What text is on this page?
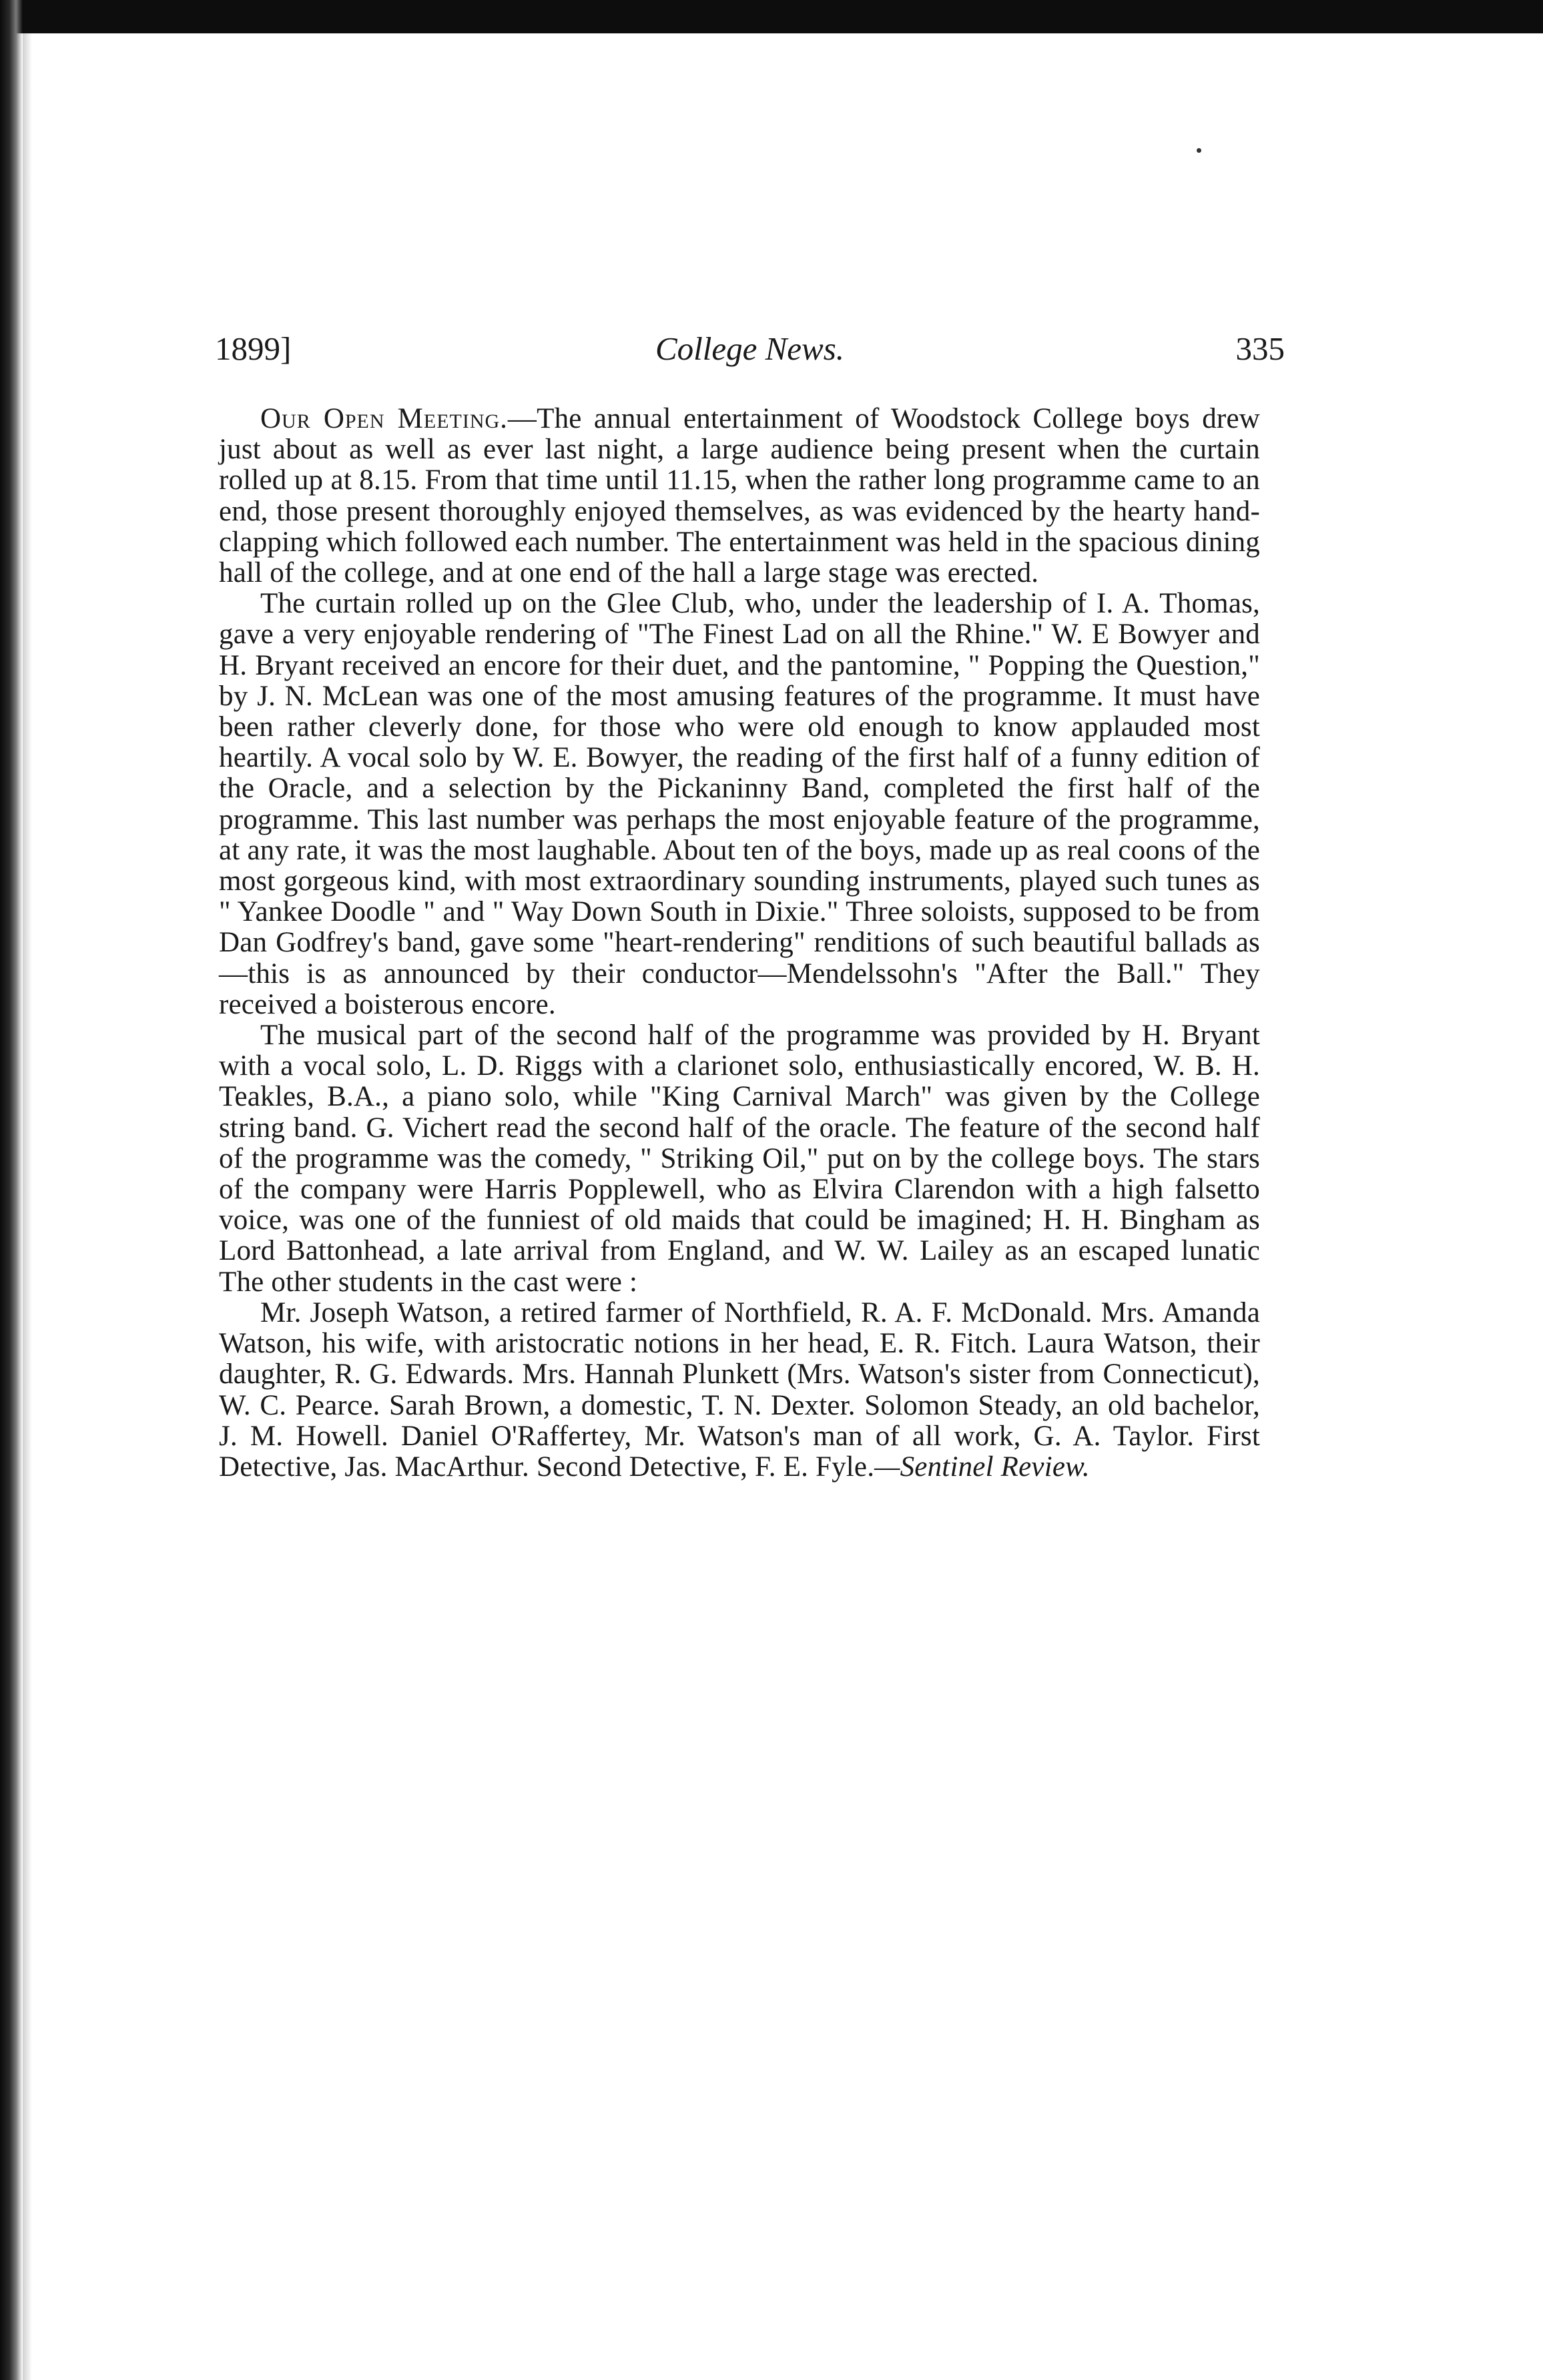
1899]	College News.	335

Our Open Meeting.—The annual entertainment of Woodstock College boys drew just about as well as ever last night, a large audience being present when the curtain rolled up at 8.15. From that time until 11.15, when the rather long programme came to an end, those present thoroughly enjoyed themselves, as was evidenced by the hearty hand-clapping which followed each number. The entertainment was held in the spacious dining hall of the college, and at one end of the hall a large stage was erected.

The curtain rolled up on the Glee Club, who, under the leadership of I. A. Thomas, gave a very enjoyable rendering of "The Finest Lad on all the Rhine." W. E Bowyer and H. Bryant received an encore for their duet, and the pantomine, " Popping the Question," by J. N. McLean was one of the most amusing features of the programme. It must have been rather cleverly done, for those who were old enough to know applauded most heartily. A vocal solo by W. E. Bowyer, the reading of the first half of a funny edition of the Oracle, and a selection by the Pickaninny Band, completed the first half of the programme. This last number was perhaps the most enjoyable feature of the programme, at any rate, it was the most laughable. About ten of the boys, made up as real coons of the most gorgeous kind, with most extraordinary sounding instruments, played such tunes as " Yankee Doodle " and " Way Down South in Dixie." Three soloists, supposed to be from Dan Godfrey's band, gave some "heart-rendering" renditions of such beautiful ballads as—this is as announced by their conductor—Mendelssohn's "After the Ball." They received a boisterous encore.

The musical part of the second half of the programme was provided by H. Bryant with a vocal solo, L. D. Riggs with a clarionet solo, enthusiastically encored, W. B. H. Teakles, B.A., a piano solo, while "King Carnival March" was given by the College string band. G. Vichert read the second half of the oracle. The feature of the second half of the programme was the comedy, " Striking Oil," put on by the college boys. The stars of the company were Harris Popplewell, who as Elvira Clarendon with a high falsetto voice, was one of the funniest of old maids that could be imagined; H. H. Bingham as Lord Battonhead, a late arrival from England, and W. W. Lailey as an escaped lunatic The other students in the cast were :

Mr. Joseph Watson, a retired farmer of Northfield, R. A. F. McDonald. Mrs. Amanda Watson, his wife, with aristocratic notions in her head, E. R. Fitch. Laura Watson, their daughter, R. G. Edwards. Mrs. Hannah Plunkett (Mrs. Watson's sister from Connecticut), W. C. Pearce. Sarah Brown, a domestic, T. N. Dexter. Solomon Steady, an old bachelor, J. M. Howell. Daniel O'Raffertey, Mr. Watson's man of all work, G. A. Taylor. First Detective, Jas. MacArthur. Second Detective, F. E. Fyle.—Sentinel Review.
